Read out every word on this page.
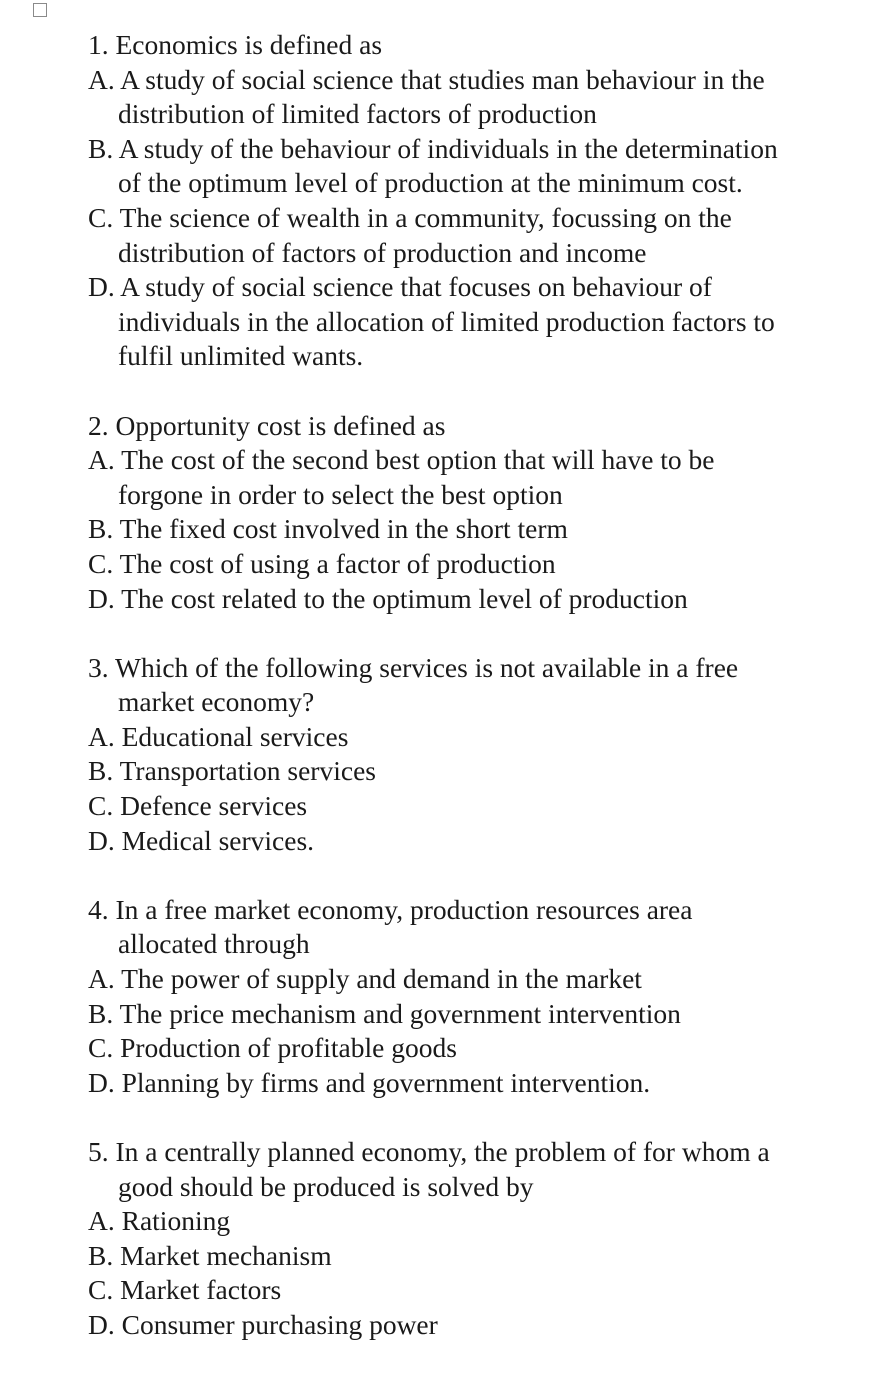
1. Economics is defined as
A. A study of social science that studies man behaviour in the distribution of limited factors of production
B. A study of the behaviour of individuals in the determination of the optimum level of production at the minimum cost.
C. The science of wealth in a community, focussing on the distribution of factors of production and income
D. A study of social science that focuses on behaviour of individuals in the allocation of limited production factors to fulfil unlimited wants.
2. Opportunity cost is defined as
A. The cost of the second best option that will have to be forgone in order to select the best option
B. The fixed cost involved in the short term
C. The cost of using a factor of production
D. The cost related to the optimum level of production
3. Which of the following services is not available in a free market economy?
A. Educational services
B. Transportation services
C. Defence services
D. Medical services.
4. In a free market economy, production resources area allocated through
A. The power of supply and demand in the market
B. The price mechanism and government intervention
C. Production of profitable goods
D. Planning by firms and government intervention.
5. In a centrally planned economy, the problem of for whom a good should be produced is solved by
A. Rationing
B. Market mechanism
C. Market factors
D. Consumer purchasing power
